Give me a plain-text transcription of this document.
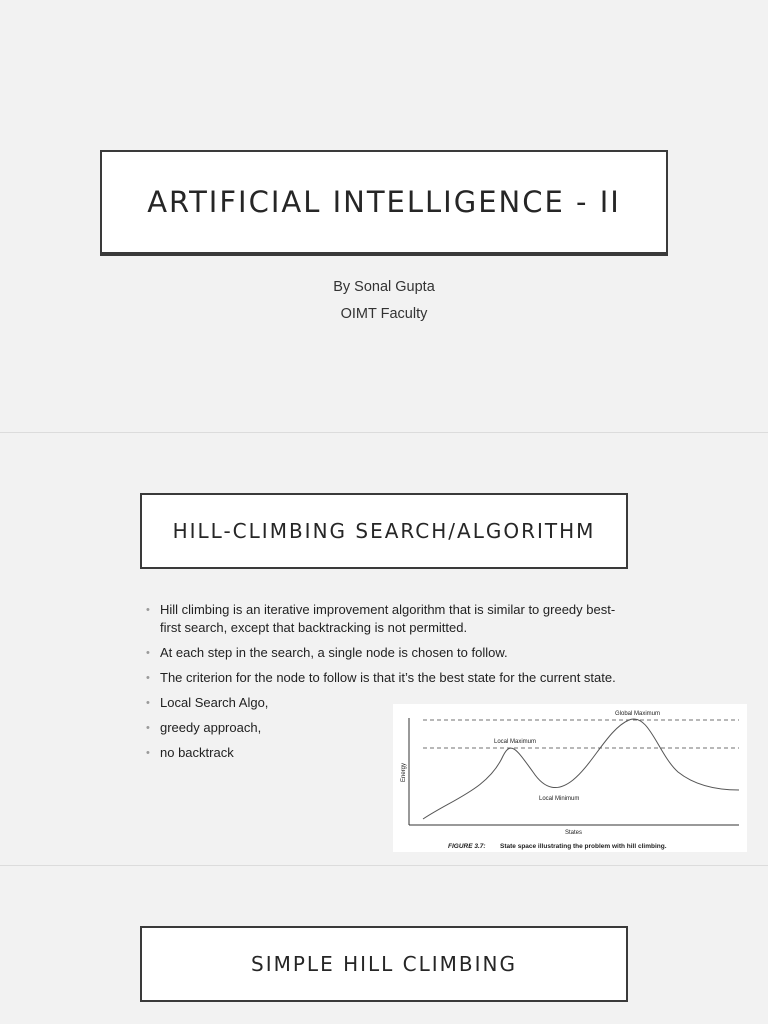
ARTIFICIAL INTELLIGENCE - II
By Sonal Gupta
OIMT Faculty
HILL-CLIMBING SEARCH/ALGORITHM
• Hill climbing is an iterative improvement algorithm that is similar to greedy best-first search, except that backtracking is not permitted.
• At each step in the search, a single node is chosen to follow.
• The criterion for the node to follow is that it’s the best state for the current state.
• Local Search Algo,
• greedy approach,
• no backtrack
Global Maximum
Local Maximum
Local Minimum
Energy
States
FIGURE 3.7: State space illustrating the problem with hill climbing.
SIMPLE HILL CLIMBING
